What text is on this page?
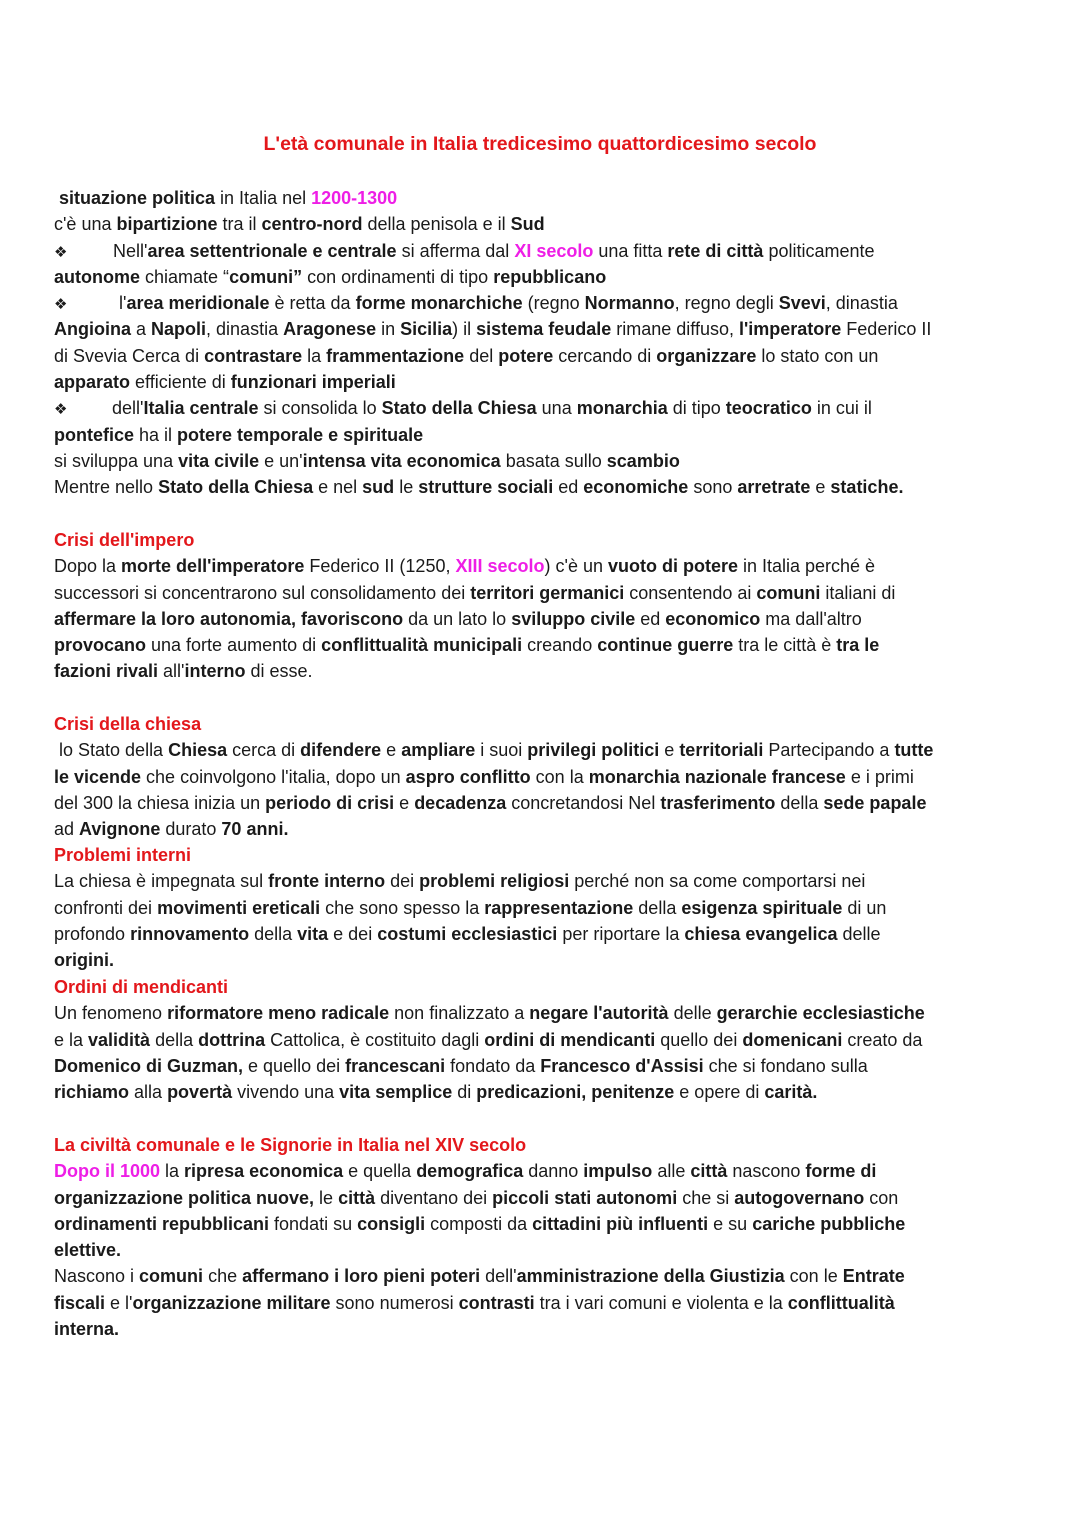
L'età comunale in Italia tredicesimo quattordicesimo secolo
situazione politica in Italia nel 1200-1300
c'è una bipartizione tra il centro-nord della penisola e il Sud
❖	Nell'area settentrionale e centrale si afferma dal XI secolo una fitta rete di città politicamente
autonome chiamate “comuni” con ordinamenti di tipo repubblicano
❖	l'area meridionale è retta da forme monarchiche (regno Normanno, regno degli Svevi, dinastia
Angioina a Napoli, dinastia Aragonese in Sicilia) il sistema feudale rimane diffuso, l'imperatore Federico II
di Svevia Cerca di contrastare la frammentazione del potere cercando di organizzare lo stato con un
apparato efficiente di funzionari imperiali
❖ dell'Italia centrale si consolida lo Stato della Chiesa una monarchia di tipo teocratico in cui il
pontefice ha il potere temporale e spirituale
si sviluppa una vita civile e un'intensa vita economica basata sullo scambio
Mentre nello Stato della Chiesa e nel sud le strutture sociali ed economiche sono arretrate e statiche.
Crisi dell'impero
Dopo la morte dell'imperatore Federico II (1250, XIII secolo) c'è un vuoto di potere in Italia perché è
successori si concentrarono sul consolidamento dei territori germanici consentendo ai comuni italiani di
affermare la loro autonomia, favoriscono da un lato lo sviluppo civile ed economico ma dall'altro
provocano una forte aumento di conflittualità municipali creando continue guerre tra le città è tra le
fazioni rivali all'interno di esse.
Crisi della chiesa
lo Stato della Chiesa cerca di difendere e ampliare i suoi privilegi politici e territoriali Partecipando a tutte
le vicende che coinvolgono l'italia, dopo un aspro conflitto con la monarchia nazionale francese e i primi
del 300 la chiesa inizia un periodo di crisi e decadenza concretandosi Nel trasferimento della sede papale
ad Avignone durato 70 anni.
Problemi interni
La chiesa è impegnata sul fronte interno dei problemi religiosi perché non sa come comportarsi nei
confronti dei movimenti ereticali che sono spesso la rappresentazione della esigenza spirituale di un
profondo rinnovamento della vita e dei costumi ecclesiastici per riportare la chiesa evangelica delle
origini.
Ordini di mendicanti
Un fenomeno riformatore meno radicale non finalizzato a negare l'autorità delle gerarchie ecclesiastiche
e la validità della dottrina Cattolica, è costituito dagli ordini di mendicanti quello dei domenicani creato da
Domenico di Guzman, e quello dei francescani fondato da Francesco d'Assisi che si fondano sulla
richiamo alla povertà vivendo una vita semplice di predicazioni, penitenze e opere di carità.
La civiltà comunale e le Signorie in Italia nel XIV secolo
Dopo il 1000 la ripresa economica e quella demografica danno impulso alle città nascono forme di
organizzazione politica nuove, le città diventano dei piccoli stati autonomi che si autogovernano con
ordinamenti repubblicani fondati su consigli composti da cittadini più influenti e su cariche pubbliche
elettive.
Nascono i comuni che affermano i loro pieni poteri dell'amministrazione della Giustizia con le Entrate
fiscali e l'organizzazione militare sono numerosi contrasti tra i vari comuni e violenta e la conflittualità
interna.
